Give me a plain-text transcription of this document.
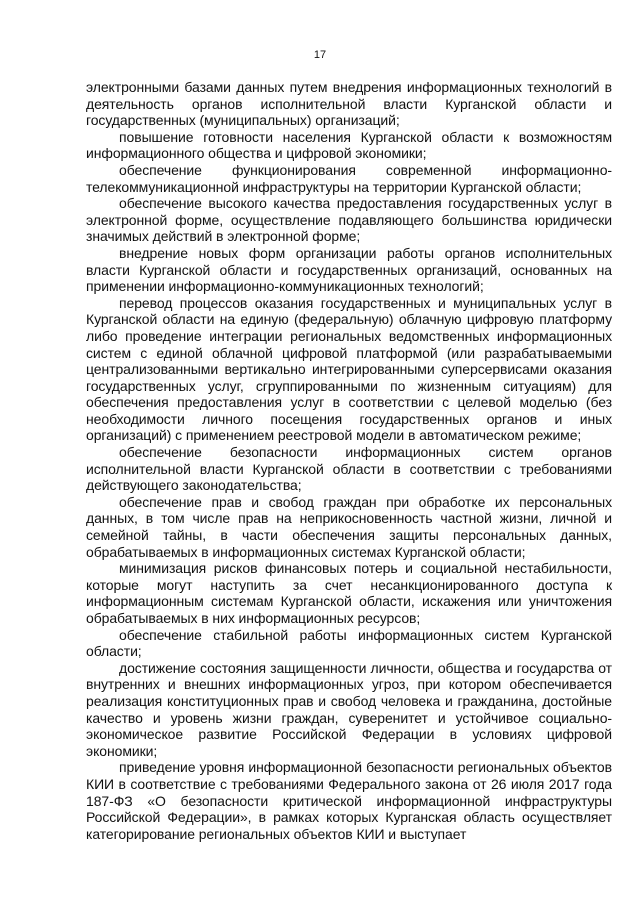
17

электронными базами данных путем внедрения информационных технологий в деятельность органов исполнительной власти Курганской области и государственных (муниципальных) организаций;

повышение готовности населения Курганской области к возможностям информационного общества и цифровой экономики;

обеспечение функционирования современной информационно-телекоммуникационной инфраструктуры на территории Курганской области;

обеспечение высокого качества предоставления государственных услуг в электронной форме, осуществление подавляющего большинства юридически значимых действий в электронной форме;

внедрение новых форм организации работы органов исполнительных власти Курганской области и государственных организаций, основанных на применении информационно-коммуникационных технологий;

перевод процессов оказания государственных и муниципальных услуг в Курганской области на единую (федеральную) облачную цифровую платформу либо проведение интеграции региональных ведомственных информационных систем с единой облачной цифровой платформой (или разрабатываемыми централизованными вертикально интегрированными суперсервисами оказания государственных услуг, сгруппированными по жизненным ситуациям) для обеспечения предоставления услуг в соответствии с целевой моделью (без необходимости личного посещения государственных органов и иных организаций) с применением реестровой модели в автоматическом режиме;

обеспечение безопасности информационных систем органов исполнительной власти Курганской области в соответствии с требованиями действующего законодательства;

обеспечение прав и свобод граждан при обработке их персональных данных, в том числе прав на неприкосновенность частной жизни, личной и семейной тайны, в части обеспечения защиты персональных данных, обрабатываемых в информационных системах Курганской области;

минимизация рисков финансовых потерь и социальной нестабильности, которые могут наступить за счет несанкционированного доступа к информационным системам Курганской области, искажения или уничтожения обрабатываемых в них информационных ресурсов;

обеспечение стабильной работы информационных систем Курганской области;

достижение состояния защищенности личности, общества и государства от внутренних и внешних информационных угроз, при котором обеспечивается реализация конституционных прав и свобод человека и гражданина, достойные качество и уровень жизни граждан, суверенитет и устойчивое социально-экономическое развитие Российской Федерации в условиях цифровой экономики;

приведение уровня информационной безопасности региональных объектов КИИ в соответствие с требованиями Федерального закона от 26 июля 2017 года 187-ФЗ «О безопасности критической информационной инфраструктуры Российской Федерации», в рамках которых Курганская область осуществляет категорирование региональных объектов КИИ и выступает
